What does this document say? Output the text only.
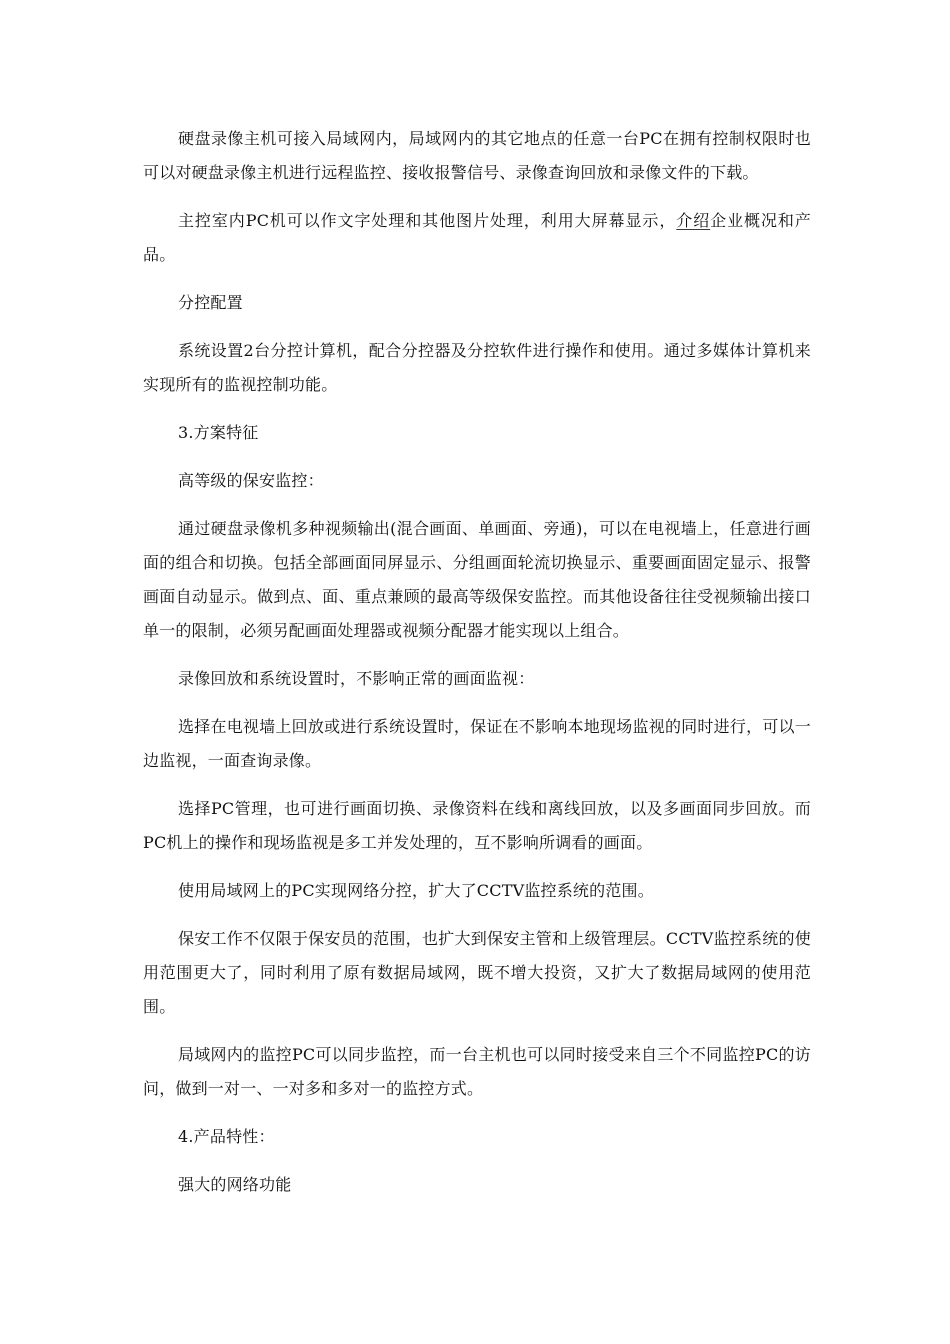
硬盘录像主机可接入局域网内，局域网内的其它地点的任意一台PC在拥有控制权限时也可以对硬盘录像主机进行远程监控、接收报警信号、录像查询回放和录像文件的下载。

主控室内PC机可以作文字处理和其他图片处理，利用大屏幕显示，介绍企业概况和产品。

分控配置

系统设置2台分控计算机，配合分控器及分控软件进行操作和使用。通过多媒体计算机来实现所有的监视控制功能。

3.方案特征

高等级的保安监控：

通过硬盘录像机多种视频输出(混合画面、单画面、旁通)，可以在电视墙上，任意进行画面的组合和切换。包括全部画面同屏显示、分组画面轮流切换显示、重要画面固定显示、报警画面自动显示。做到点、面、重点兼顾的最高等级保安监控。而其他设备往往受视频输出接口单一的限制，必须另配画面处理器或视频分配器才能实现以上组合。

录像回放和系统设置时，不影响正常的画面监视：

选择在电视墙上回放或进行系统设置时，保证在不影响本地现场监视的同时进行，可以一边监视，一面查询录像。

选择PC管理，也可进行画面切换、录像资料在线和离线回放，以及多画面同步回放。而PC机上的操作和现场监视是多工并发处理的，互不影响所调看的画面。

使用局域网上的PC实现网络分控，扩大了CCTV监控系统的范围。

保安工作不仅限于保安员的范围，也扩大到保安主管和上级管理层。CCTV监控系统的使用范围更大了，同时利用了原有数据局域网，既不增大投资，又扩大了数据局域网的使用范围。

局域网内的监控PC可以同步监控，而一台主机也可以同时接受来自三个不同监控PC的访问，做到一对一、一对多和多对一的监控方式。

4.产品特性：

强大的网络功能
